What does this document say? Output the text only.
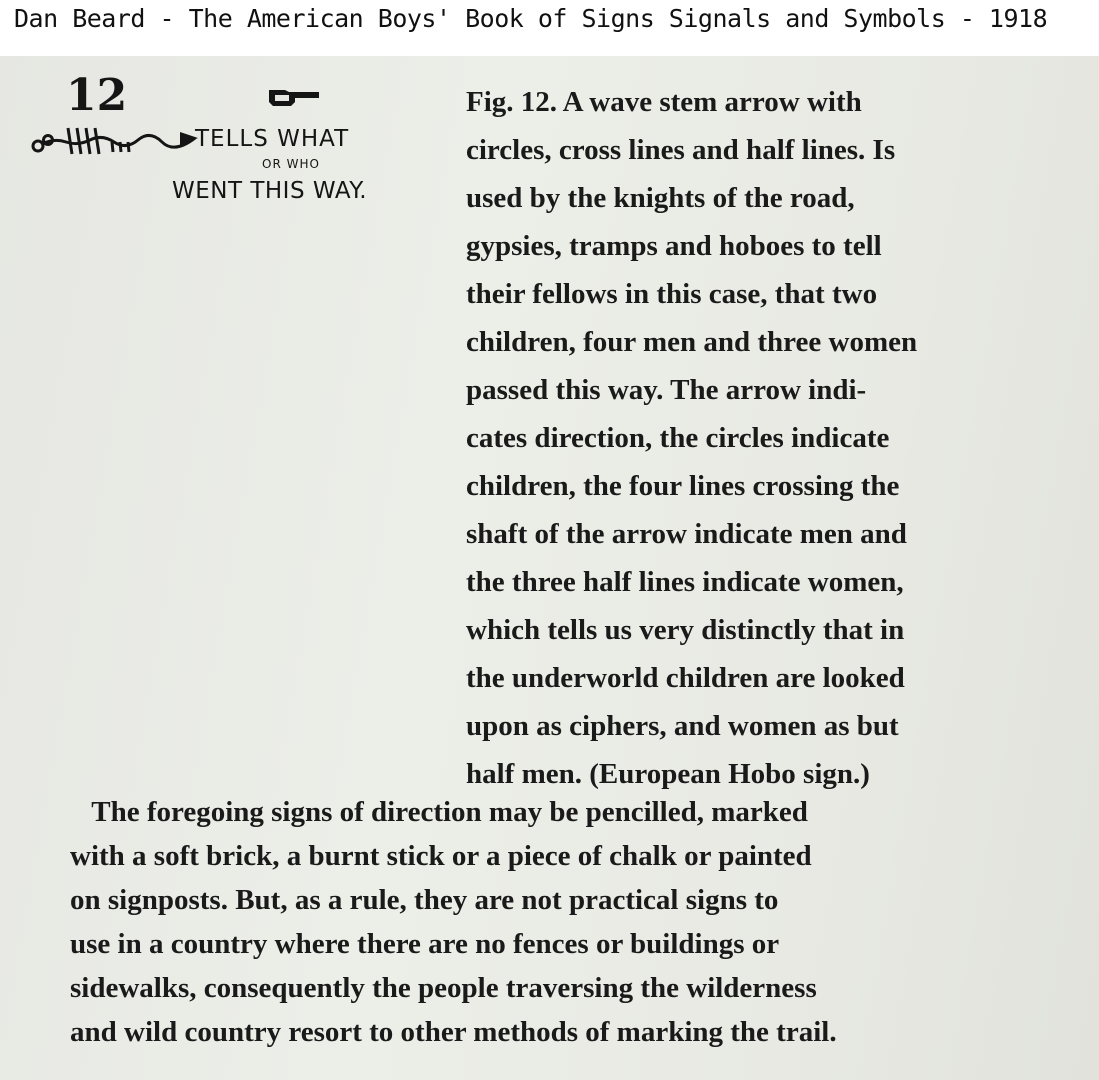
Dan Beard - The American Boys' Book of Signs Signals and Symbols - 1918
12
TELLS WHAT
OR WHO
WENT THIS WAY.
Fig. 12. A wave stem arrow with
circles, cross lines and half lines. Is
used by the knights of the road,
gypsies, tramps and hoboes to tell
their fellows in this case, that two
children, four men and three women
passed this way. The arrow indi-
cates direction, the circles indicate
children, the four lines crossing the
shaft of the arrow indicate men and
the three half lines indicate women,
which tells us very distinctly that in
the underworld children are looked
upon as ciphers, and women as but
half men. (European Hobo sign.)
The foregoing signs of direction may be pencilled, marked
with a soft brick, a burnt stick or a piece of chalk or painted
on signposts. But, as a rule, they are not practical signs to
use in a country where there are no fences or buildings or
sidewalks, consequently the people traversing the wilderness
and wild country resort to other methods of marking the trail.
